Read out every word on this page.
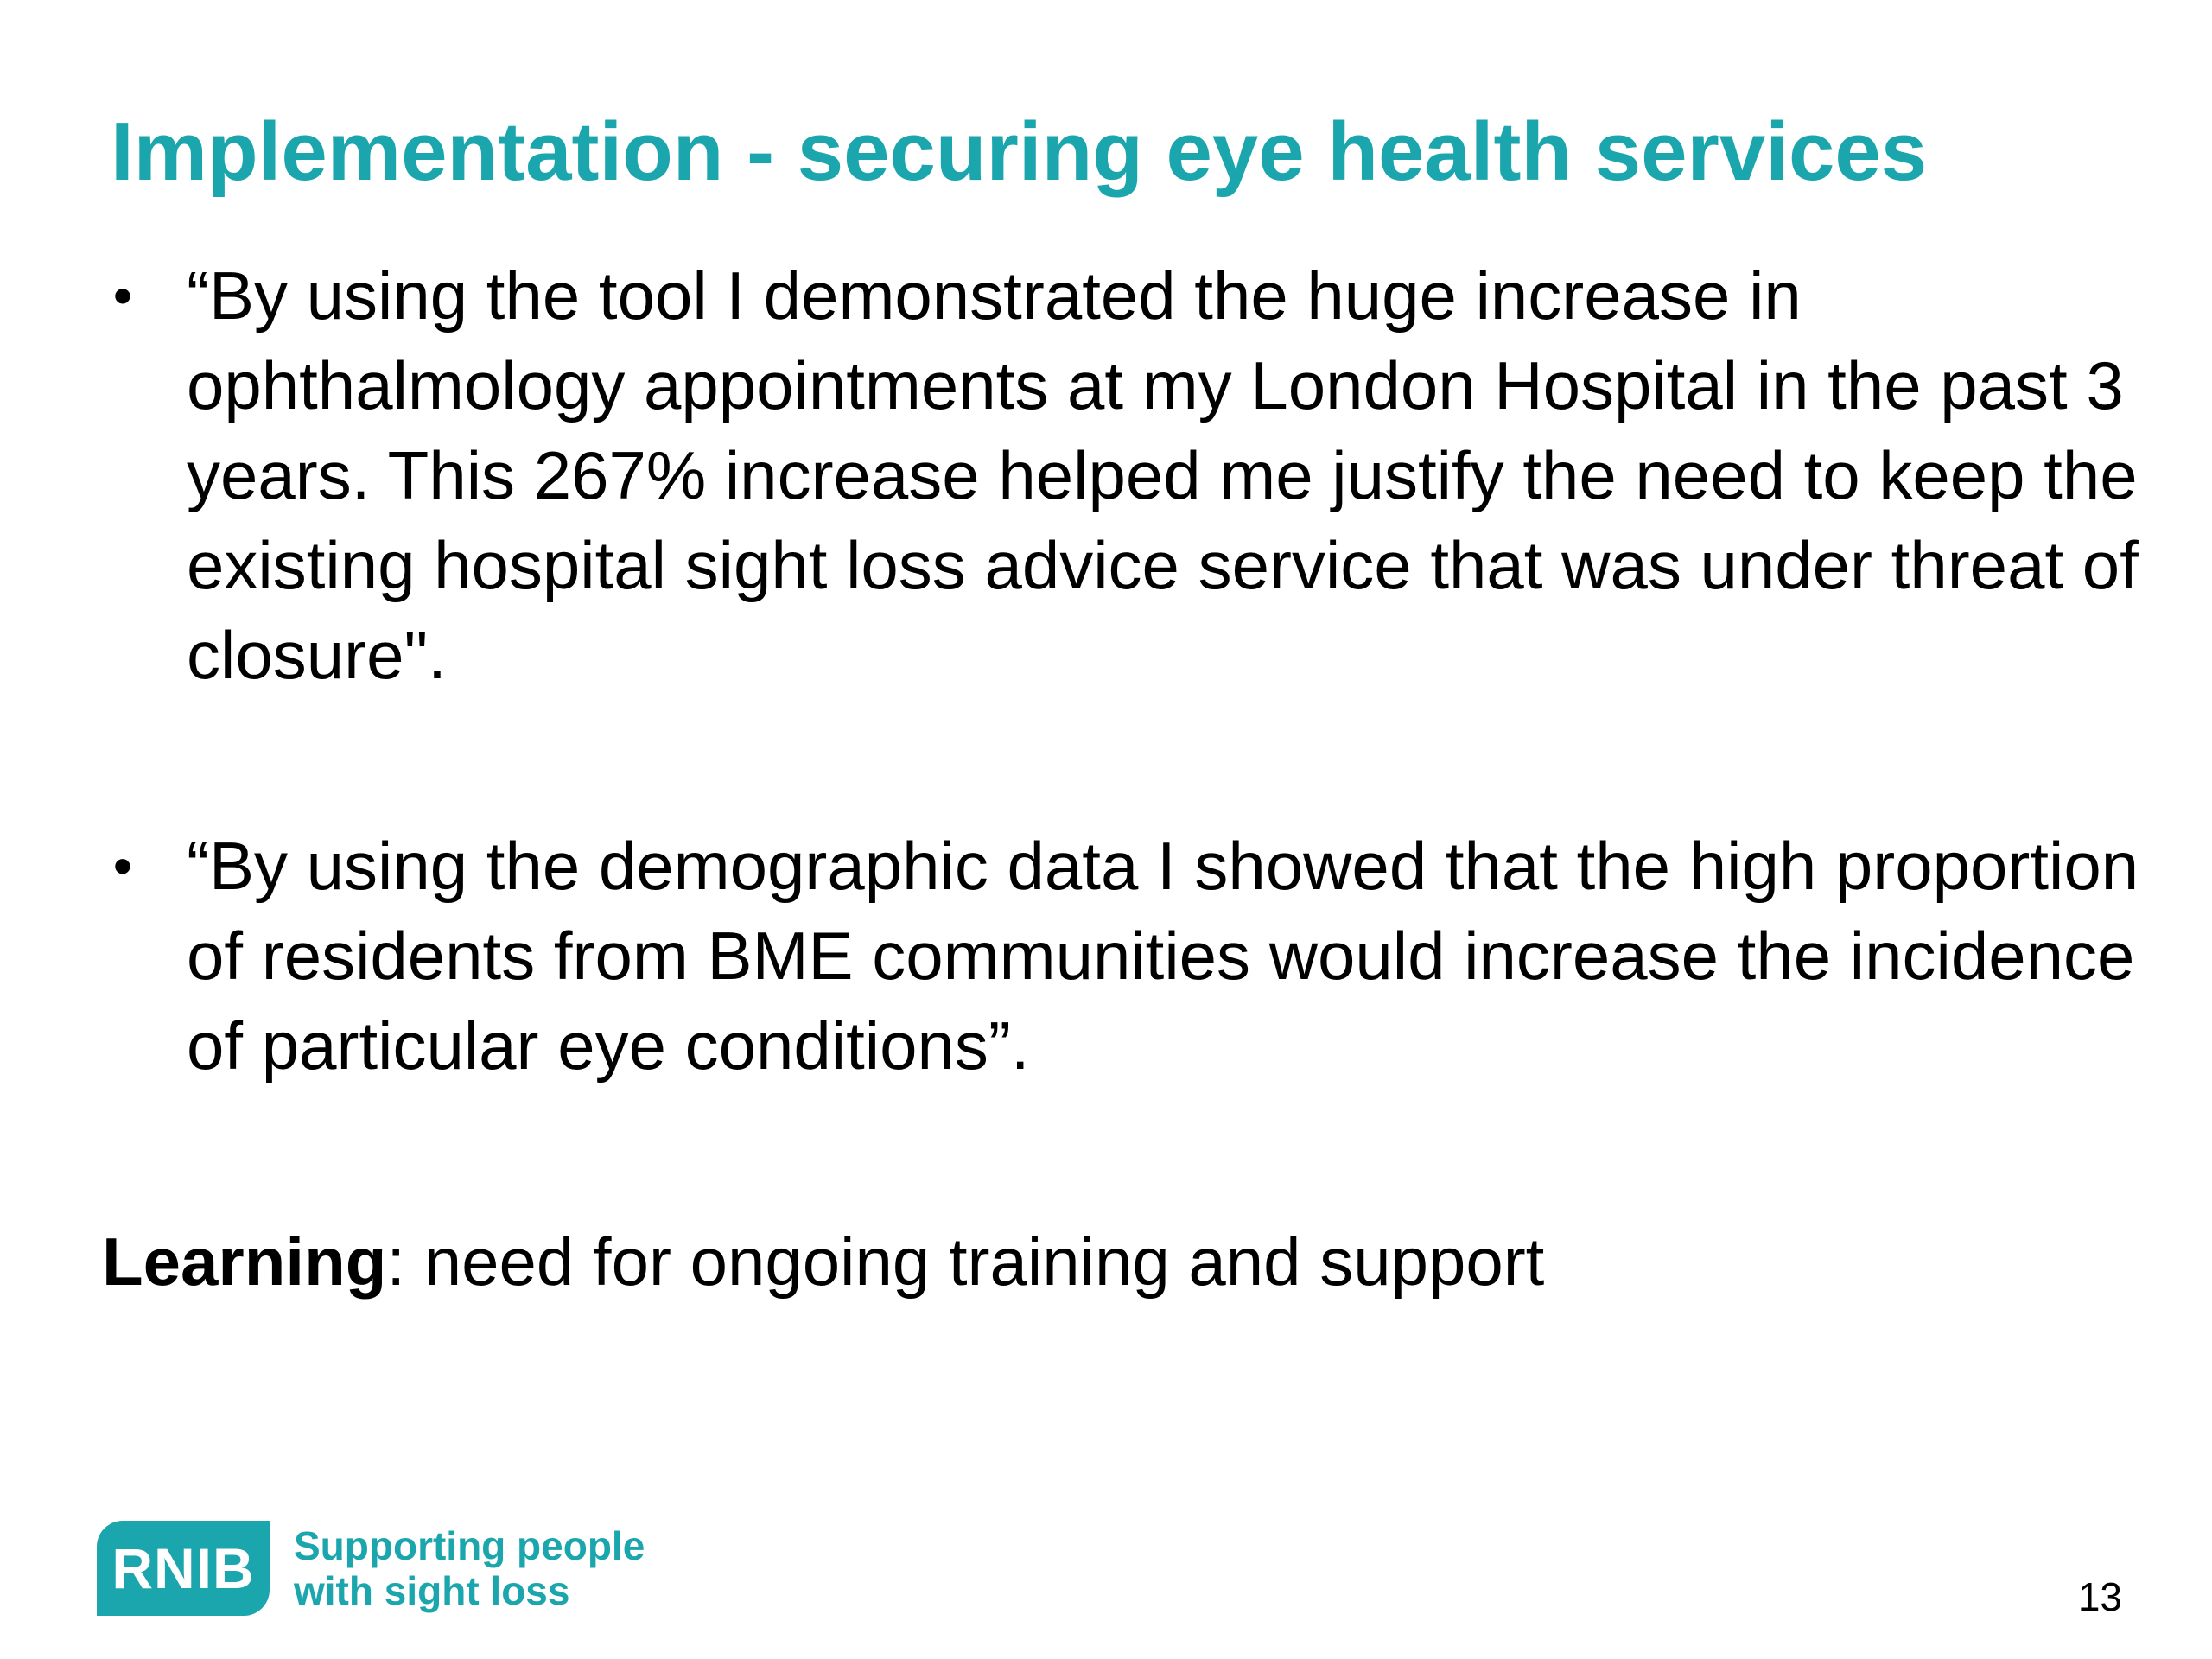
Implementation - securing eye health services
• “By using the tool I demonstrated the huge increase in ophthalmology appointments at my London Hospital in the past 3 years. This 267% increase helped me justify the need to keep the existing hospital sight loss advice service that was under threat of closure".
• “By using the demographic data I showed that the high proportion of residents from BME communities would increase the incidence of particular eye conditions”.

Learning: need for ongoing training and support

RNIB Supporting people
with sight loss	13
